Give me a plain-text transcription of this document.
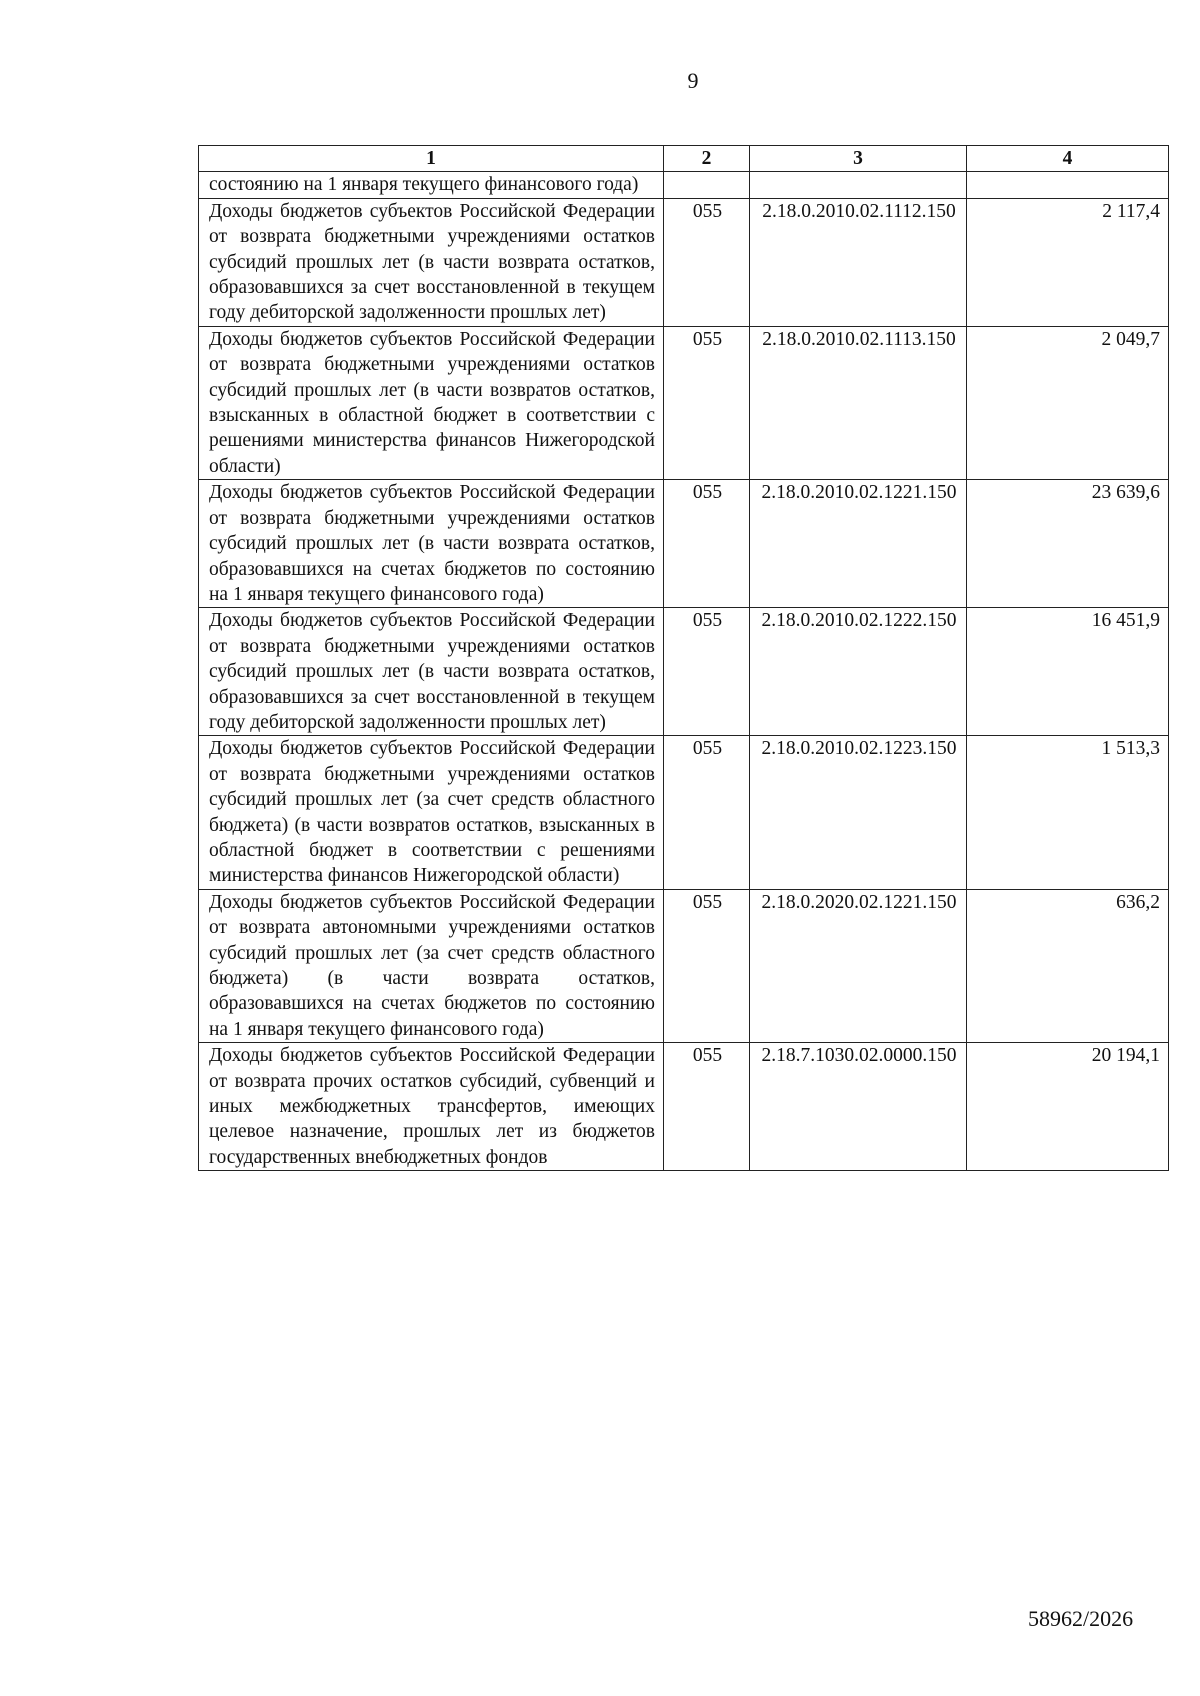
9
1	2	3	4
состоянию на 1 января текущего финансового года)			
Доходы бюджетов субъектов Российской Федерации от возврата бюджетными учреждениями остатков субсидий прошлых лет (в части возврата остатков, образовавшихся за счет восстановленной в текущем году дебиторской задолженности прошлых лет)	055	2.18.0.2010.02.1112.150	2 117,4
Доходы бюджетов субъектов Российской Федерации от возврата бюджетными учреждениями остатков субсидий прошлых лет (в части возвратов остатков, взысканных в областной бюджет в соответствии с решениями министерства финансов Нижегородской области)	055	2.18.0.2010.02.1113.150	2 049,7
Доходы бюджетов субъектов Российской Федерации от возврата бюджетными учреждениями остатков субсидий прошлых лет (в части возврата остатков, образовавшихся на счетах бюджетов по состоянию на 1 января текущего финансового года)	055	2.18.0.2010.02.1221.150	23 639,6
Доходы бюджетов субъектов Российской Федерации от возврата бюджетными учреждениями остатков субсидий прошлых лет (в части возврата остатков, образовавшихся за счет восстановленной в текущем году дебиторской задолженности прошлых лет)	055	2.18.0.2010.02.1222.150	16 451,9
Доходы бюджетов субъектов Российской Федерации от возврата бюджетными учреждениями остатков субсидий прошлых лет (за счет средств областного бюджета) (в части возвратов остатков, взысканных в областной бюджет в соответствии с решениями министерства финансов Нижегородской области)	055	2.18.0.2010.02.1223.150	1 513,3
Доходы бюджетов субъектов Российской Федерации от возврата автономными учреждениями остатков субсидий прошлых лет (за счет средств областного бюджета) (в части возврата остатков, образовавшихся на счетах бюджетов по состоянию на 1 января текущего финансового года)	055	2.18.0.2020.02.1221.150	636,2
Доходы бюджетов субъектов Российской Федерации от возврата прочих остатков субсидий, субвенций и иных межбюджетных трансфертов, имеющих целевое назначение, прошлых лет из бюджетов государственных внебюджетных фондов	055	2.18.7.1030.02.0000.150	20 194,1
58962/2026
